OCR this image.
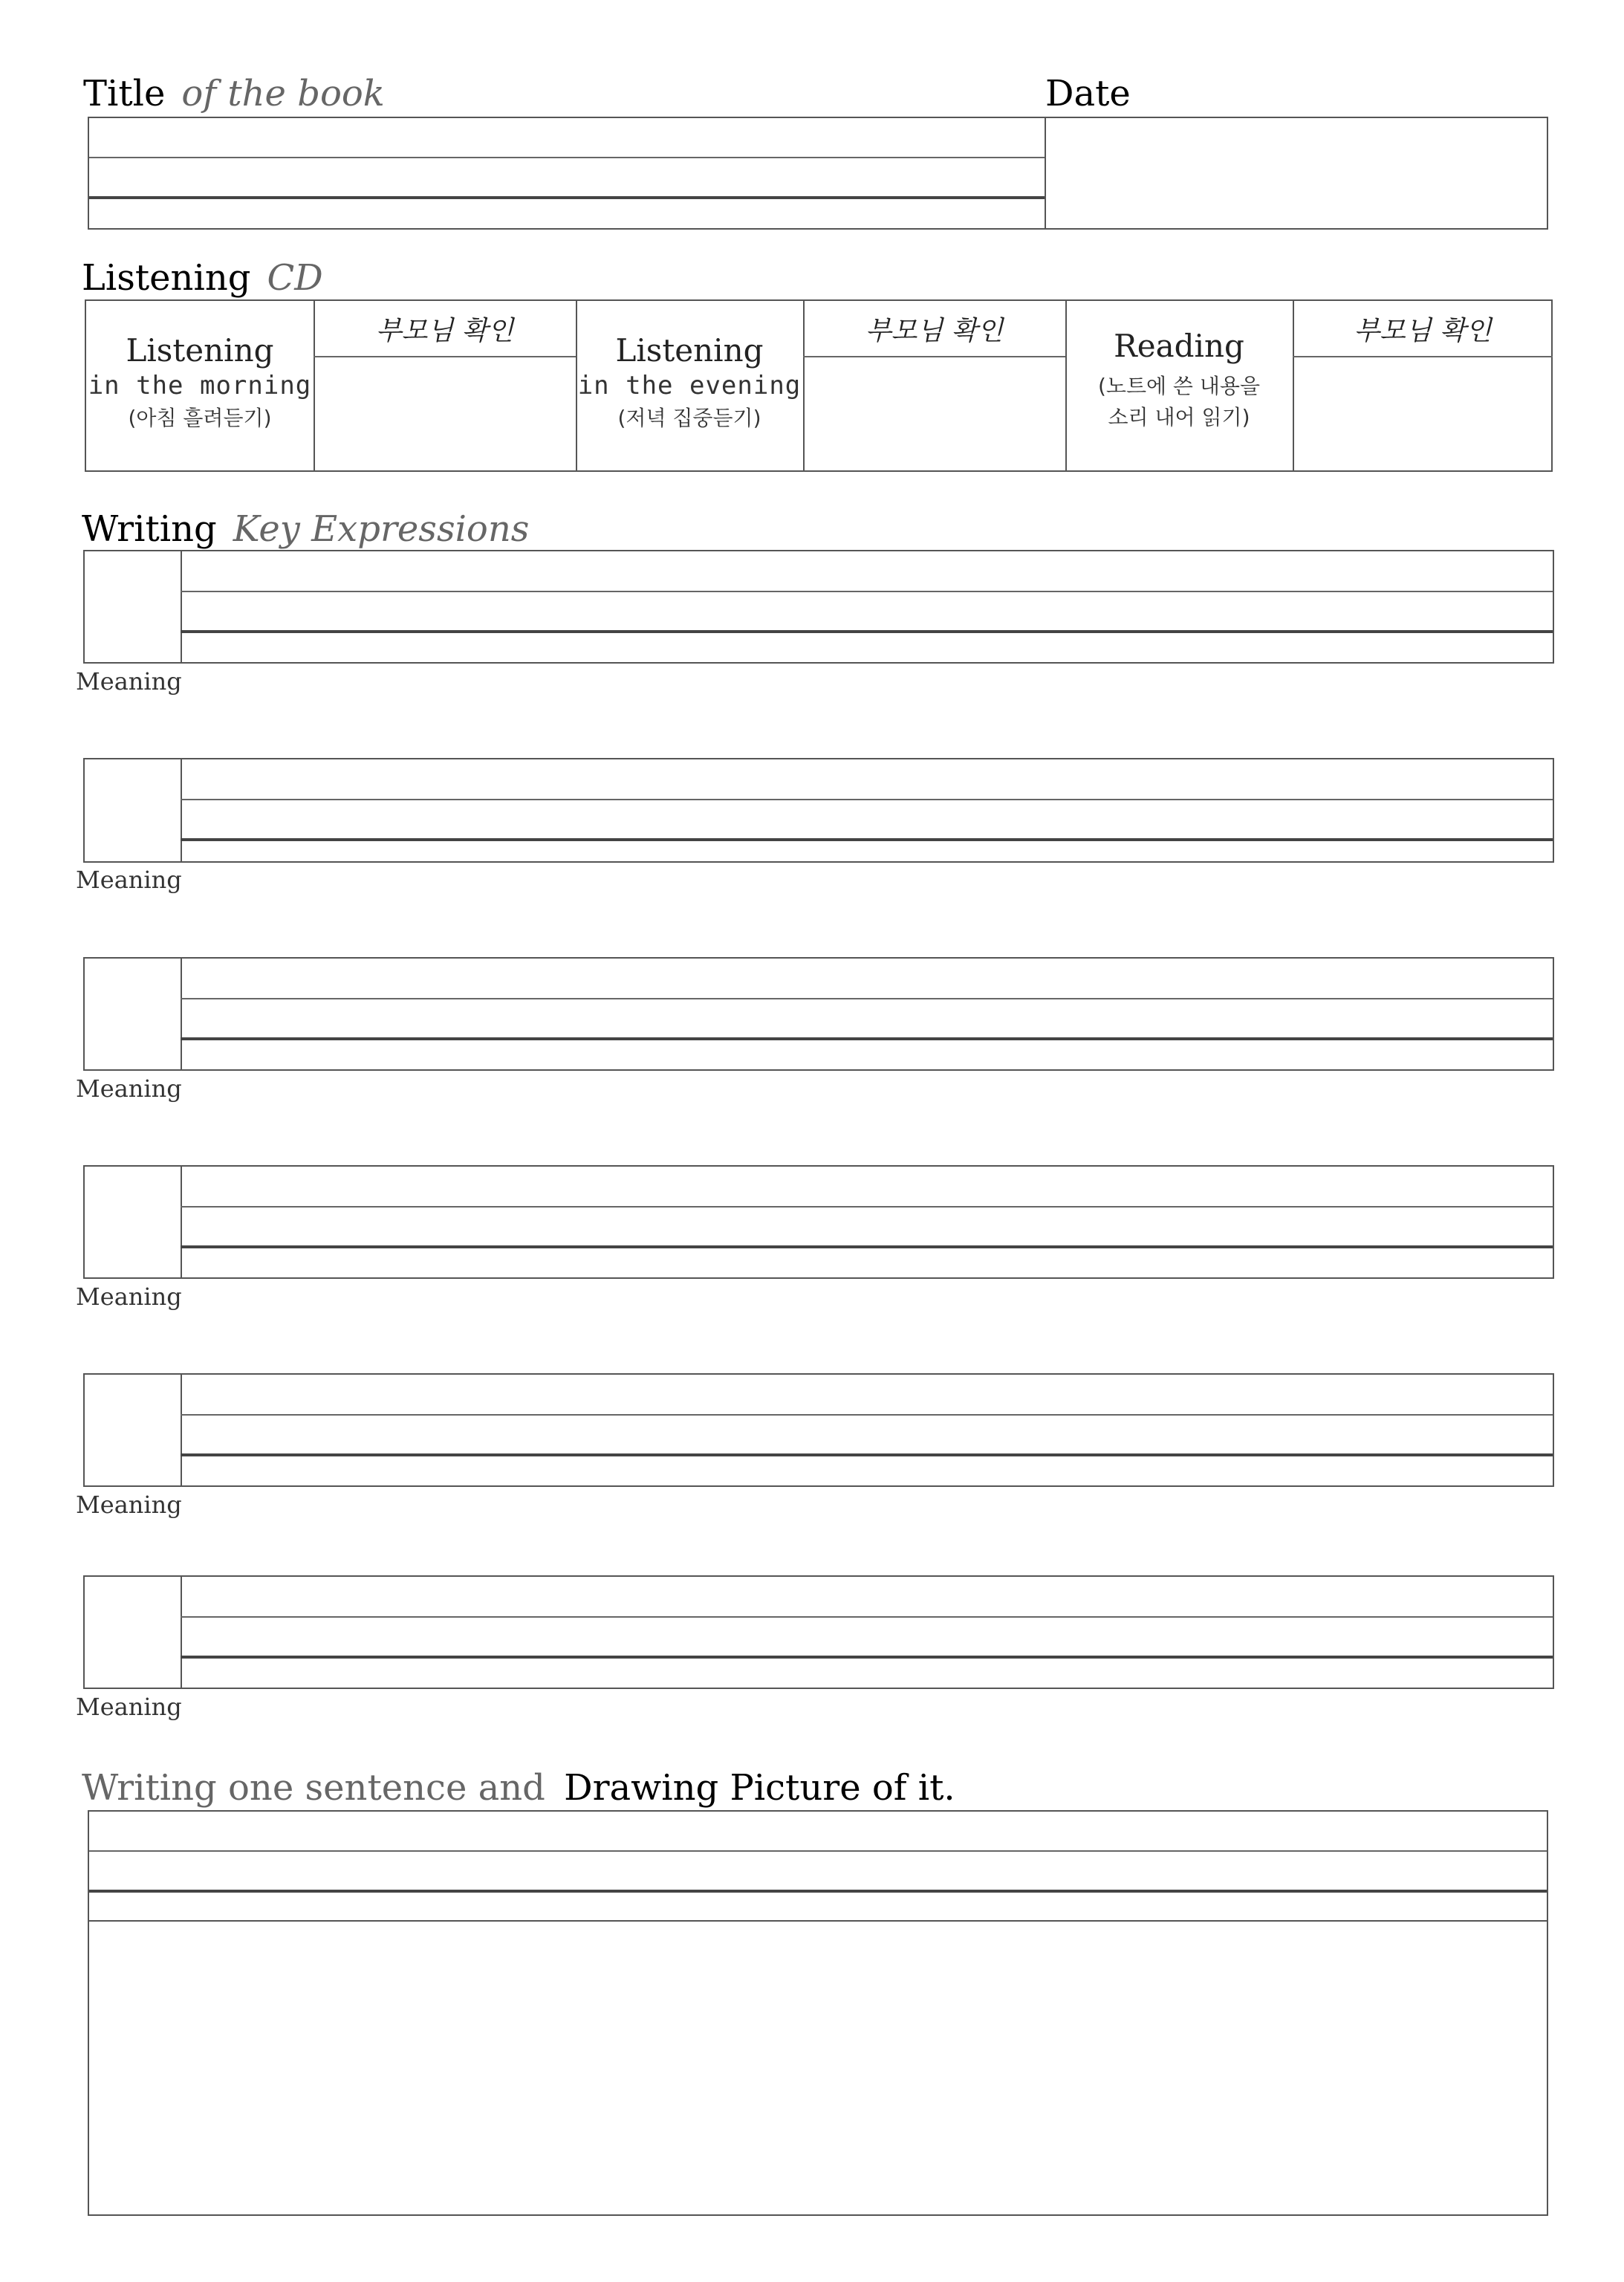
Title of the book	Date
Listening CD
Listening
in the morning
(아침 흘려듣기)
부모님 확인
Listening
in the evening
(저녁 집중듣기)
부모님 확인	Reading
(노트에 쓴 내용을
소리 내어 읽기)
부모님 확인
Writing Key Expressions
Meaning
Meaning
Meaning
Meaning
Meaning
Meaning
Writing one sentence and Drawing Picture of it.
